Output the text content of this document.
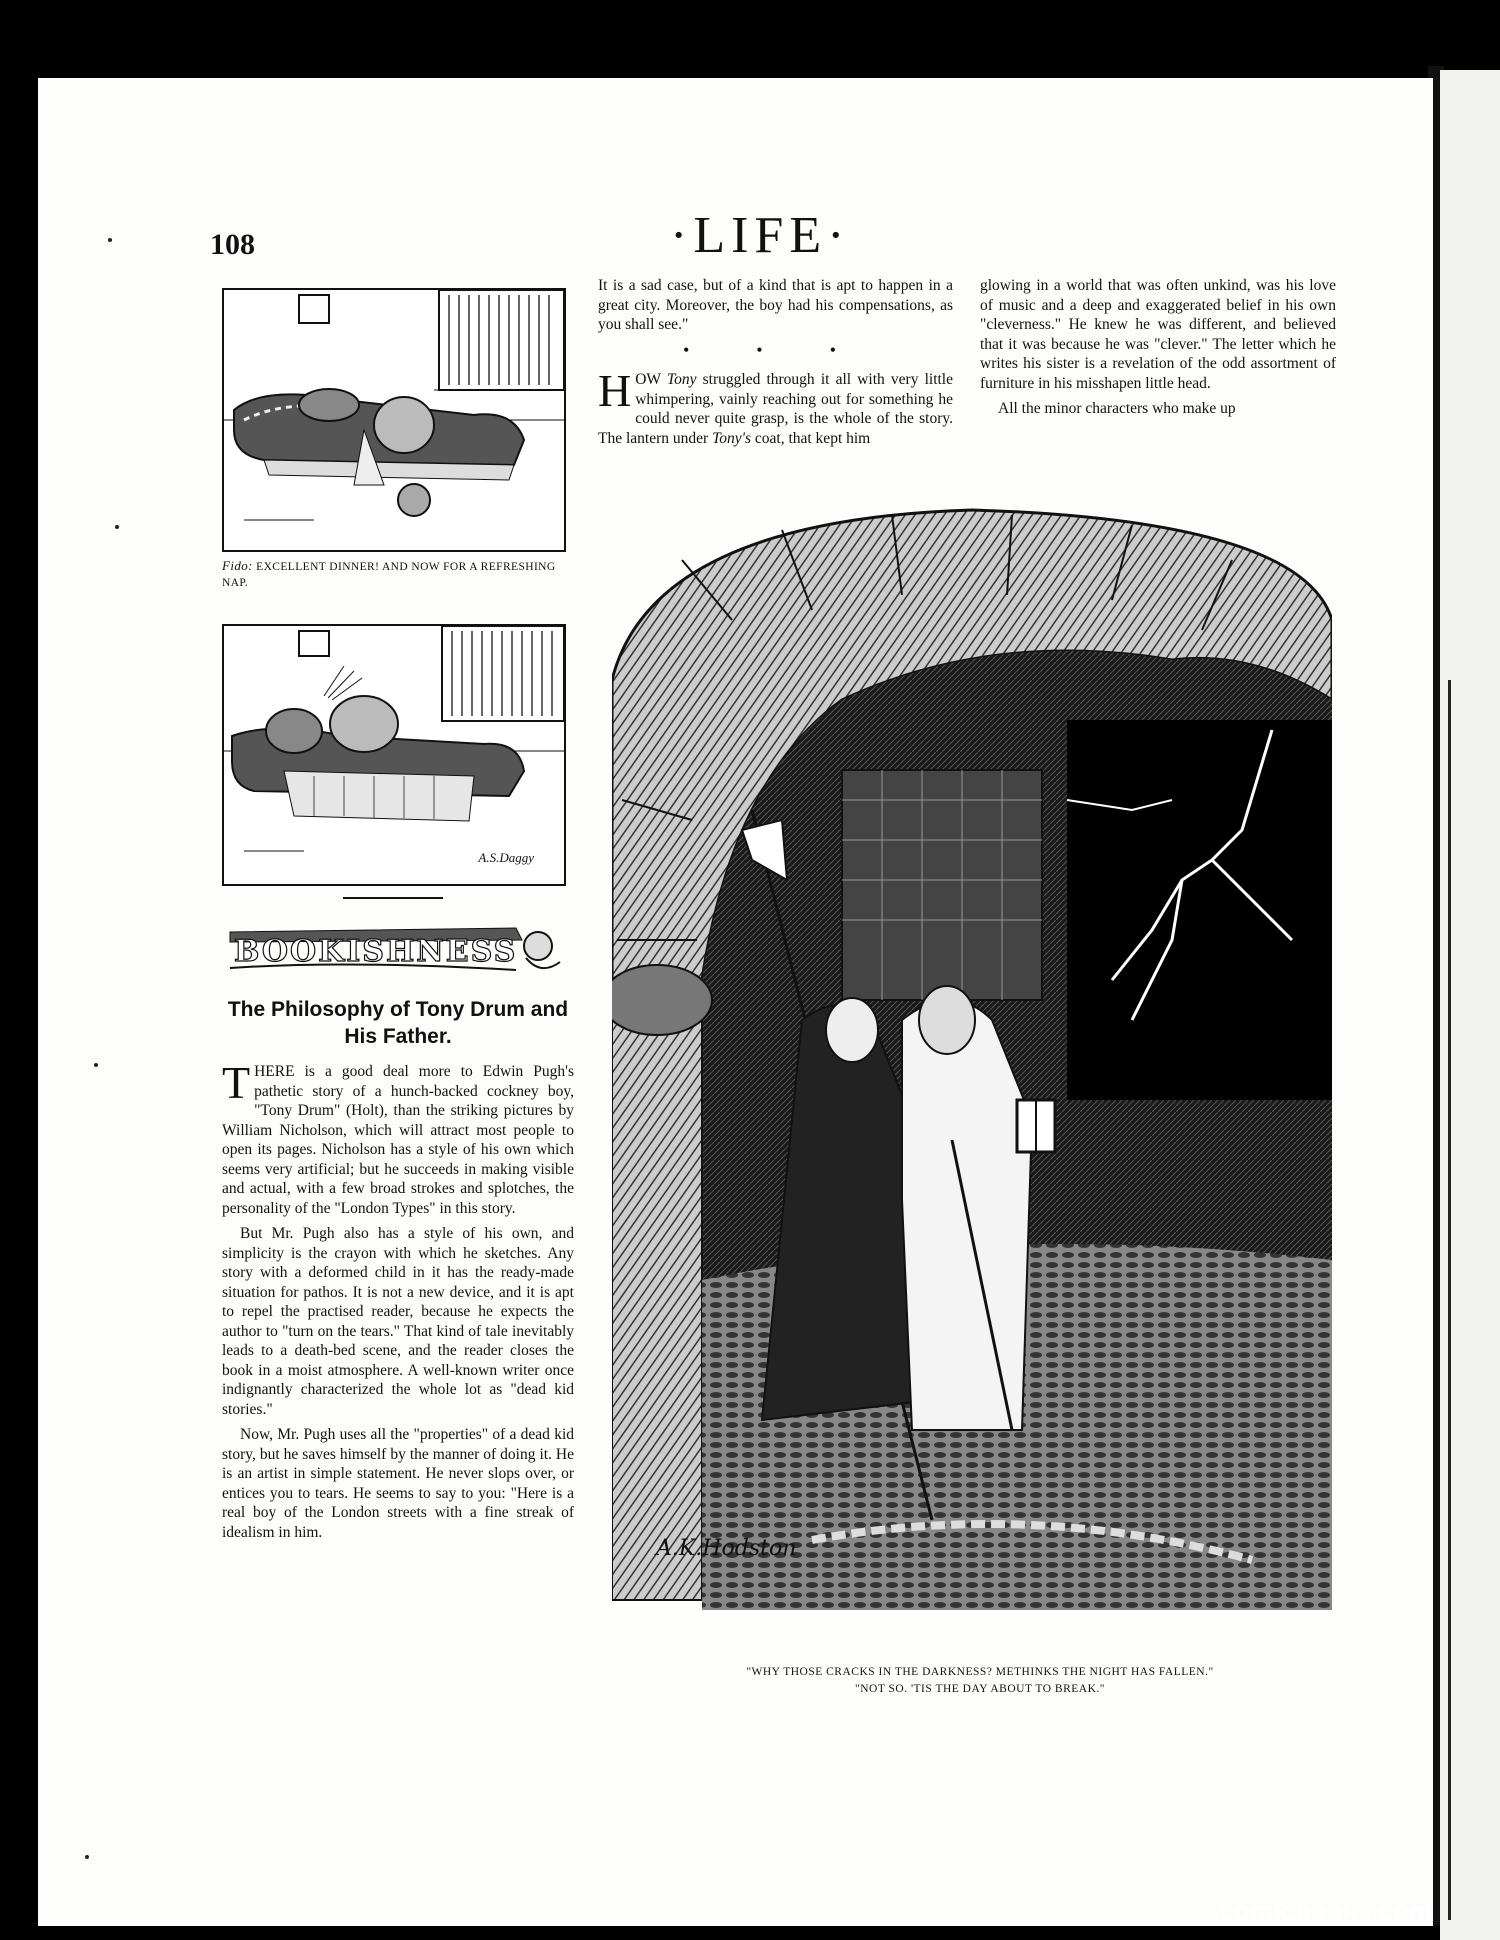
108	·LIFE·
Fido: EXCELLENT DINNER! AND NOW FOR A REFRESHING NAP.
A.S.Daggy
BOOKISHNESS
The Philosophy of Tony Drum and His Father.

THERE is a good deal more to Edwin Pugh's pathetic story of a hunch-backed cockney boy, "Tony Drum" (Holt), than the striking pictures by William Nicholson, which will attract most people to open its pages. Nicholson has a style of his own which seems very artificial; but he succeeds in making visible and actual, with a few broad strokes and splotches, the personality of the "London Types" in this story.

But Mr. Pugh also has a style of his own, and simplicity is the crayon with which he sketches. Any story with a deformed child in it has the ready-made situation for pathos. It is not a new device, and it is apt to repel the practised reader, because he expects the author to "turn on the tears." That kind of tale inevitably leads to a death-bed scene, and the reader closes the book in a moist atmosphere. A well-known writer once indignantly characterized the whole lot as "dead kid stories."

Now, Mr. Pugh uses all the "properties" of a dead kid story, but he saves himself by the manner of doing it. He is an artist in simple statement. He never slops over, or entices you to tears. He seems to say to you: "Here is a real boy of the London streets with a fine streak of idealism in him.

It is a sad case, but of a kind that is apt to happen in a great city. Moreover, the boy had his compensations, as you shall see."

• • •

HOW Tony struggled through it all with very little whimpering, vainly reaching out for something he could never quite grasp, is the whole of the story. The lantern under Tony's coat, that kept him

glowing in a world that was often unkind, was his love of music and a deep and exaggerated belief in his own "cleverness." He knew he was different, and believed that it was because he was "clever." The letter which he writes his sister is a revelation of the odd assortment of furniture in his misshapen little head.

All the minor characters who make up

A.K.Hodston
"WHY THOSE CRACKS IN THE DARKNESS? METHINKS THE NIGHT HAS FALLEN."
"NOT SO. 'TIS THE DAY ABOUT TO BREAK."
comicbooks.com
